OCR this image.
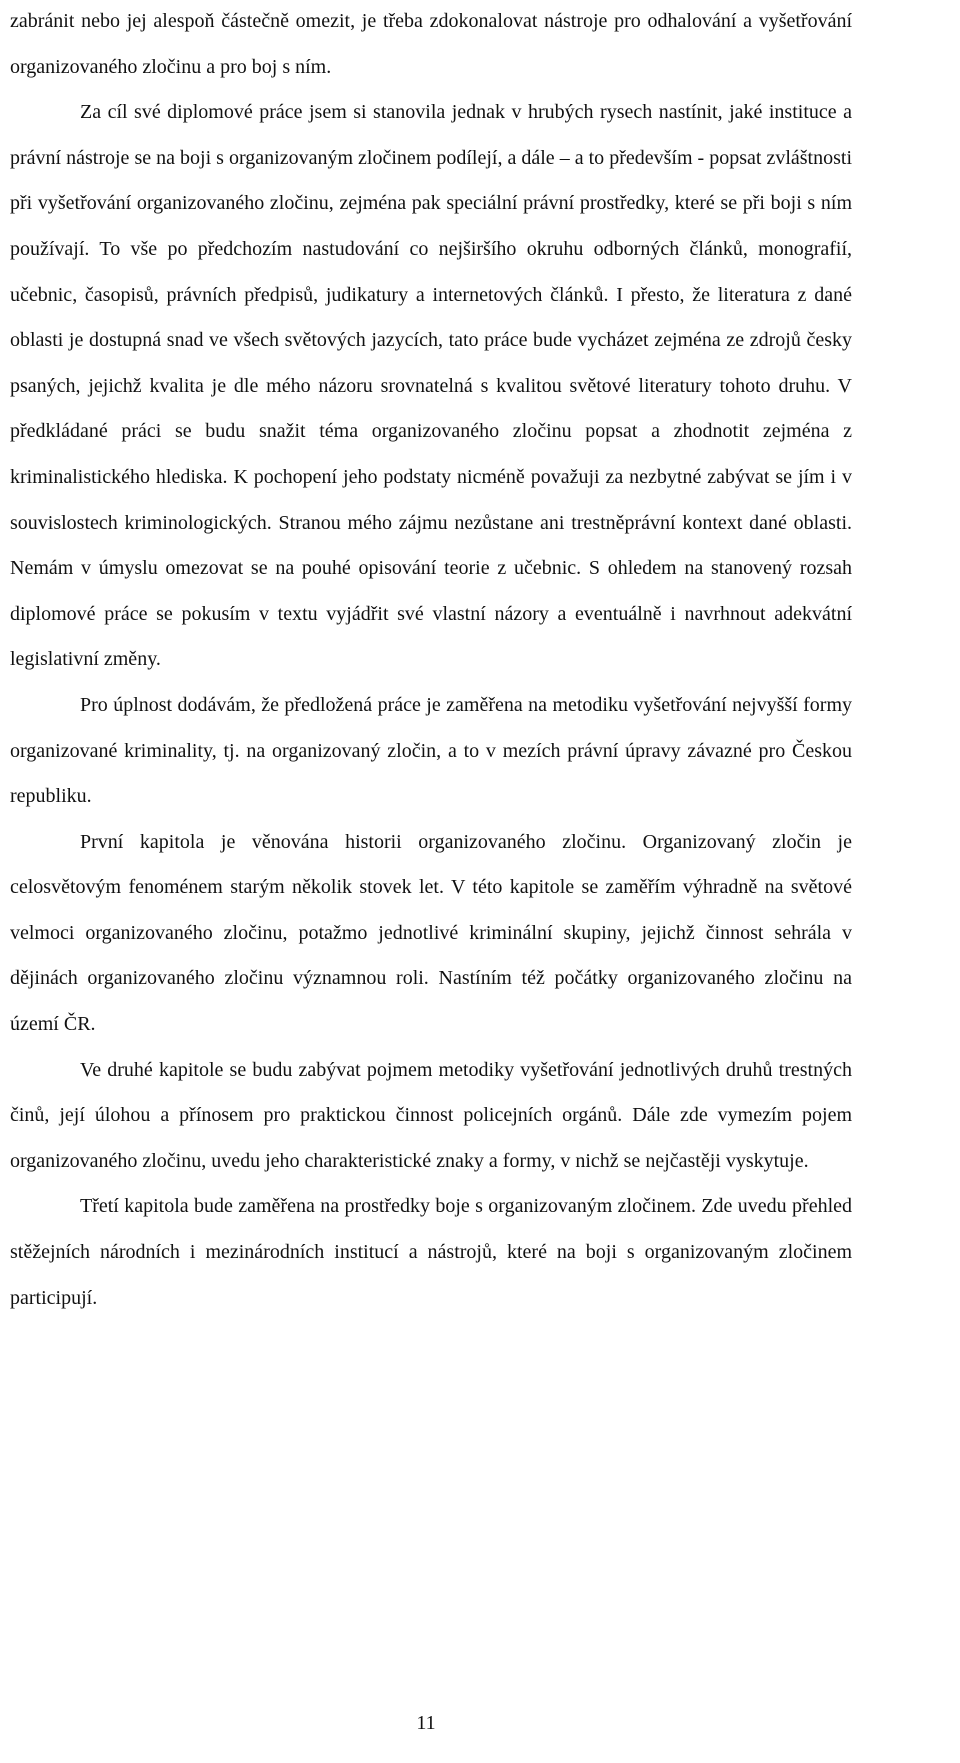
zabránit nebo jej alespoň částečně omezit, je třeba zdokonalovat nástroje pro odhalování a vyšetřování organizovaného zločinu a pro boj s ním.

Za cíl své diplomové práce jsem si stanovila jednak v hrubých rysech nastínit, jaké instituce a právní nástroje se na boji s organizovaným zločinem podílejí, a dále – a to především - popsat zvláštnosti při vyšetřování organizovaného zločinu, zejména pak speciální právní prostředky, které se při boji s ním používají. To vše po předchozím nastudování co nejširšího okruhu odborných článků, monografií, učebnic, časopisů, právních předpisů, judikatury a internetových článků. I přesto, že literatura z dané oblasti je dostupná snad ve všech světových jazycích, tato práce bude vycházet zejména ze zdrojů česky psaných, jejichž kvalita je dle mého názoru srovnatelná s kvalitou světové literatury tohoto druhu. V předkládané práci se budu snažit téma organizovaného zločinu popsat a zhodnotit zejména z kriminalistického hlediska. K pochopení jeho podstaty nicméně považuji za nezbytné zabývat se jím i v souvislostech kriminologických. Stranou mého zájmu nezůstane ani trestněprávní kontext dané oblasti. Nemám v úmyslu omezovat se na pouhé opisování teorie z učebnic. S ohledem na stanovený rozsah diplomové práce se pokusím v textu vyjádřit své vlastní názory a eventuálně i navrhnout adekvátní legislativní změny.

Pro úplnost dodávám, že předložená práce je zaměřena na metodiku vyšetřování nejvyšší formy organizované kriminality, tj. na organizovaný zločin, a to v mezích právní úpravy závazné pro Českou republiku.

První kapitola je věnována historii organizovaného zločinu. Organizovaný zločin je celosvětovým fenoménem starým několik stovek let. V této kapitole se zaměřím výhradně na světové velmoci organizovaného zločinu, potažmo jednotlivé kriminální skupiny, jejichž činnost sehrála v dějinách organizovaného zločinu významnou roli. Nastíním též počátky organizovaného zločinu na území ČR.

Ve druhé kapitole se budu zabývat pojmem metodiky vyšetřování jednotlivých druhů trestných činů, její úlohou a přínosem pro praktickou činnost policejních orgánů. Dále zde vymezím pojem organizovaného zločinu, uvedu jeho charakteristické znaky a formy, v nichž se nejčastěji vyskytuje.

Třetí kapitola bude zaměřena na prostředky boje s organizovaným zločinem. Zde uvedu přehled stěžejních národních i mezinárodních institucí a nástrojů, které na boji s organizovaným zločinem participují.

11
